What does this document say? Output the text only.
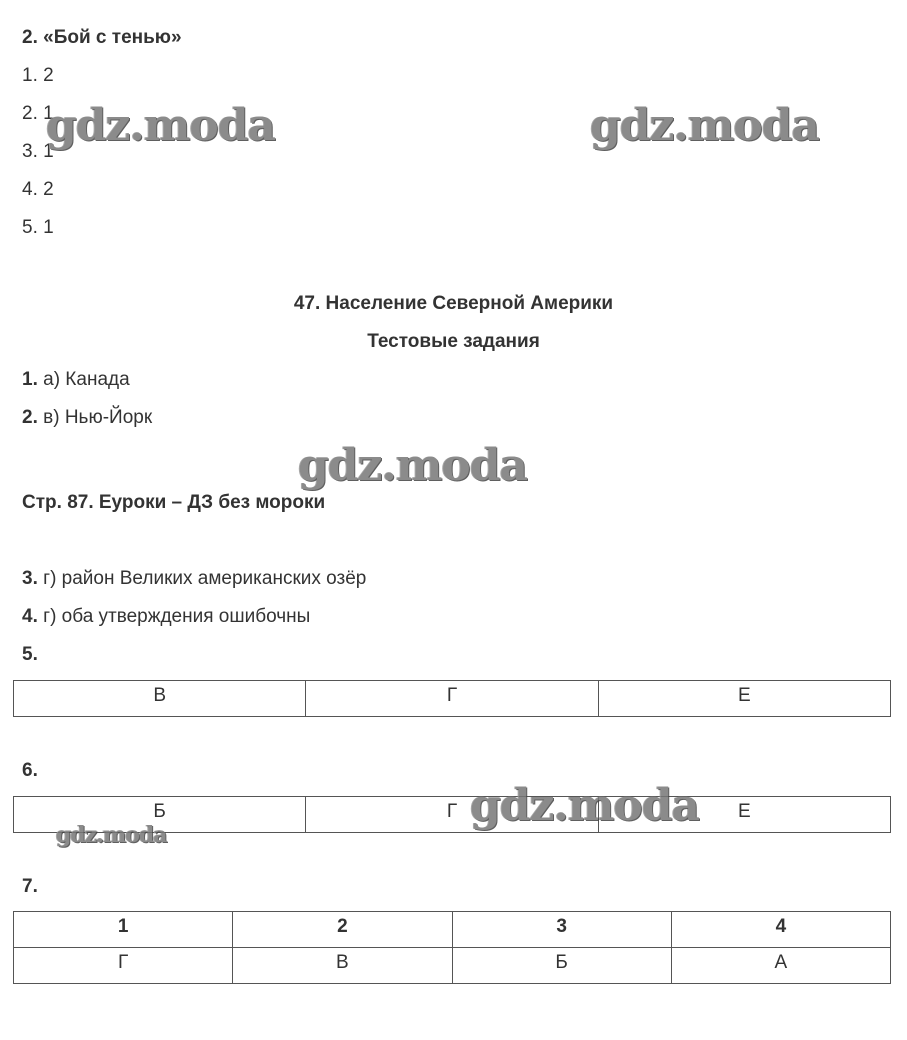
2. «Бой с тенью»
1. 2
2. 1
3. 1
4. 2
5. 1
47. Население Северной Америки
Тестовые задания
1. а) Канада
2. в) Нью-Йорк
Стр. 87. Еуроки – ДЗ без мороки
3. г) район Великих американских озёр
4. г) оба утверждения ошибочны
5.
В	Г	Е
6.
Б	Г	Е
7.
1	2	3	4
Г	В	Б	А
gdz.moda	gdz.moda
gdz.moda
gdz.moda
gdz.moda
